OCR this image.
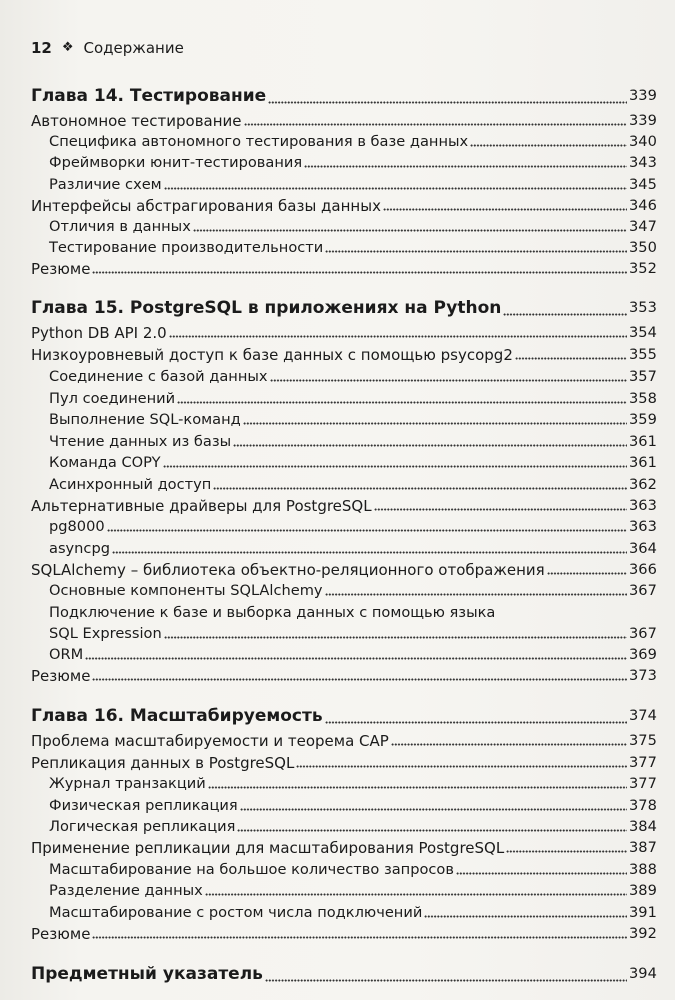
12 ❖ Содержание
Глава 14. Тестирование	339
Автономное тестирование	339
Специфика автономного тестирования в базе данных	340
Фреймворки юнит-тестирования	343
Различие схем	345
Интерфейсы абстрагирования базы данных	346
Отличия в данных	347
Тестирование производительности	350
Резюме	352
Глава 15. PostgreSQL в приложениях на Python	353
Python DB API 2.0	354
Низкоуровневый доступ к базе данных с помощью psycopg2	355
Соединение с базой данных	357
Пул соединений	358
Выполнение SQL-команд	359
Чтение данных из базы	361
Команда COPY	361
Асинхронный доступ	362
Альтернативные драйверы для PostgreSQL	363
pg8000	363
asyncpg	364
SQLAlchemy – библиотека объектно-реляционного отображения	366
Основные компоненты SQLAlchemy	367
Подключение к базе и выборка данных с помощью языка
SQL Expression	367
ORM	369
Резюме	373
Глава 16. Масштабируемость	374
Проблема масштабируемости и теорема CAP	375
Репликация данных в PostgreSQL	377
Журнал транзакций	377
Физическая репликация	378
Логическая репликация	384
Применение репликации для масштабирования PostgreSQL	387
Масштабирование на большое количество запросов	388
Разделение данных	389
Масштабирование с ростом числа подключений	391
Резюме	392
Предметный указатель	394
